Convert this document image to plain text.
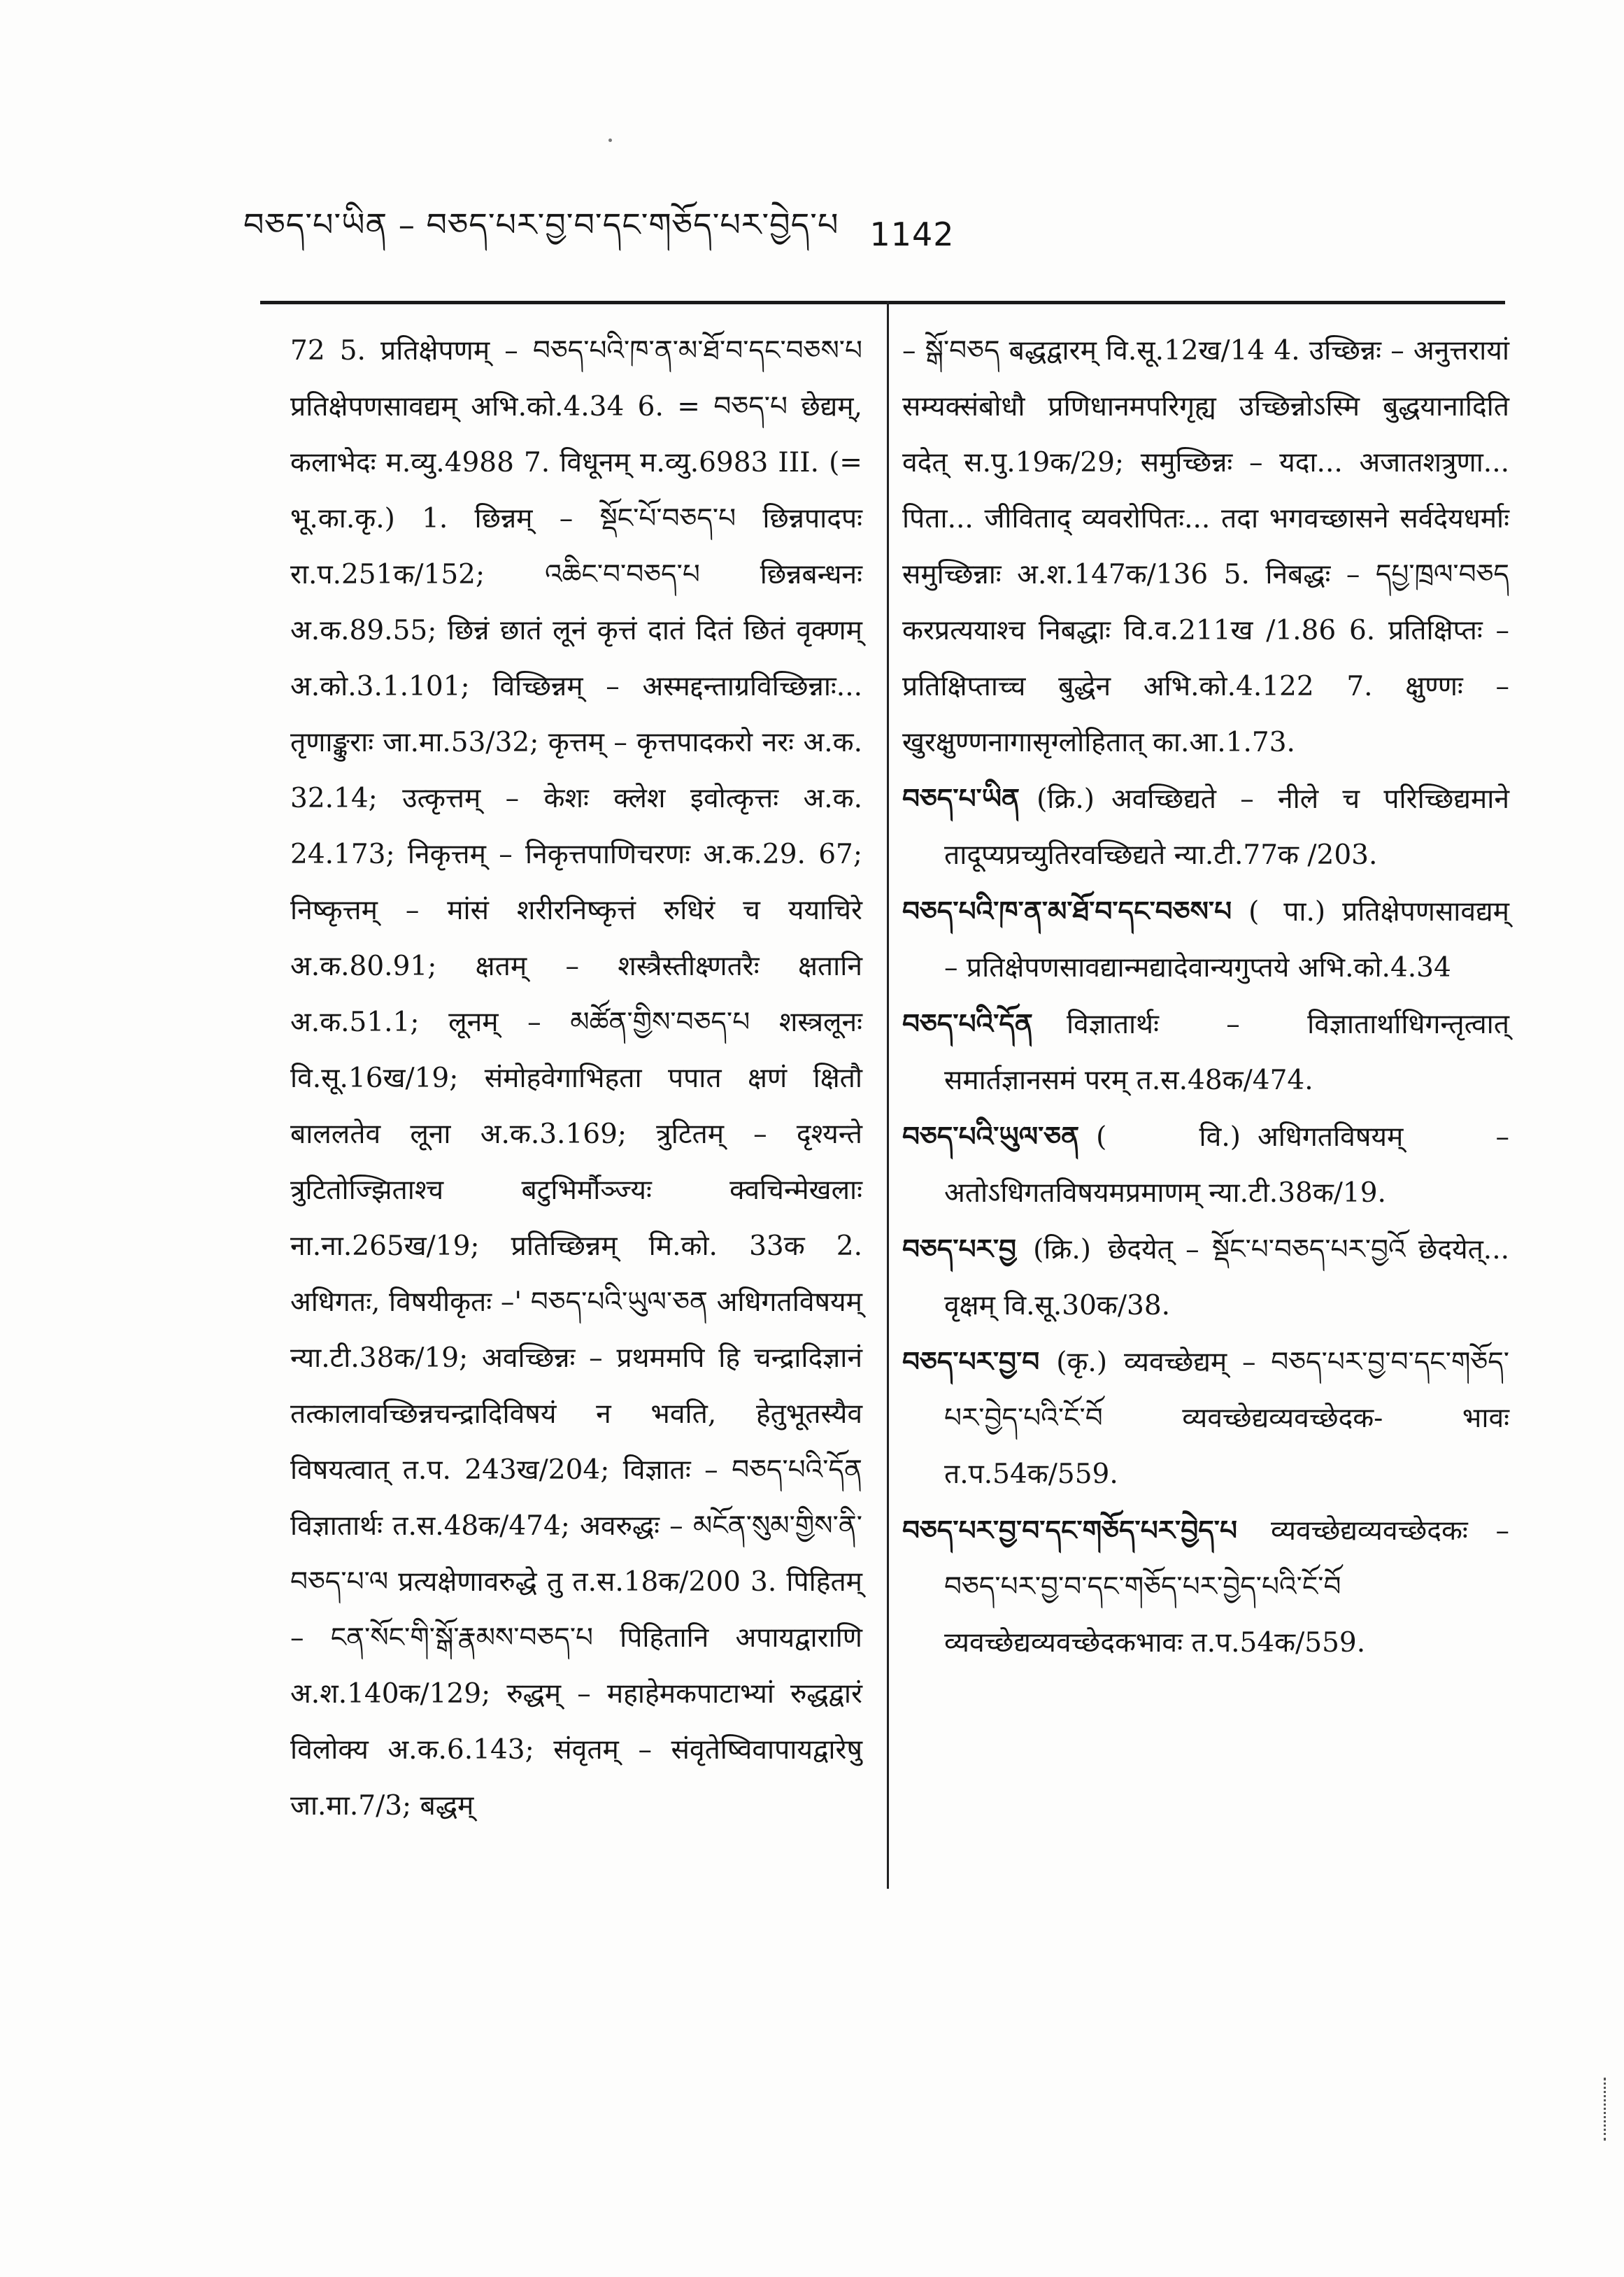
བཅད་པ་ཡིན – བཅད་པར་བྱ་བ་དང་གཅོད་པར་བྱེད་པ 1142

72 5. प्रतिक्षेपणम् – བཅད་པའི་ཁ་ན་མ་ཐོ་བ་དང་བཅས་པ प्रतिक्षेपणसावद्यम् अभि.को.4.34 6. = བཅད་པ छेद्यम्, कलाभेदः म.व्यु.4988 7. विधूनम् म.व्यु.6983 III. (= भू.का.कृ.) 1. छिन्नम् – སྡོང་པོ་བཅད་པ छिन्नपादपः रा.प.251क/152; འཆིང་བ་བཅད་པ छिन्नबन्धनः अ.क.89.55; छिन्नं छातं लूनं कृत्तं दातं दितं छितं वृक्णम् अ.को.3.1.101; विच्छिन्नम् – अस्मद्दन्ताग्रविच्छिन्नाः... तृणाङ्कुराः जा.मा.53/32; कृत्तम् – कृत्तपादकरो नरः अ.क. 32.14; उत्कृत्तम् – केशः क्लेश इवोत्कृत्तः अ.क. 24.173; निकृत्तम् – निकृत्तपाणिचरणः अ.क.29. 67; निष्कृत्तम् – मांसं शरीरनिष्कृत्तं रुधिरं च ययाचिरे अ.क.80.91; क्षतम् – शस्त्रैस्तीक्ष्णतरैः क्षतानि अ.क.51.1; लूनम् – མཚོན་གྱིས་བཅད་པ शस्त्रलूनः वि.सू.16ख/19; संमोहवेगाभिहता पपात क्षणं क्षितौ बाललतेव लूना अ.क.3.169; त्रुटितम् – दृश्यन्ते त्रुटितोज्झिताश्च बटुभिर्मौञ्ज्यः क्वचिन्मेखलाः ना.ना.265ख/19; प्रतिच्छिन्नम् मि.को. 33क 2. अधिगतः, विषयीकृतः –' བཅད་པའི་ཡུལ་ཅན अधिगतविषयम् न्या.टी.38क/19; अवच्छिन्नः – प्रथममपि हि चन्द्रादिज्ञानं तत्कालावच्छिन्नचन्द्रादिविषयं न भवति, हेतुभूतस्यैव विषयत्वात् त.प. 243ख/204; विज्ञातः – བཅད་པའི་དོན विज्ञातार्थः त.स.48क/474; अवरुद्धः – མངོན་སུམ་གྱིས་ནི་བཅད་པ་ལ प्रत्यक्षेणावरुद्धे तु त.स.18क/200 3. पिहितम् – ངན་སོང་གི་སྒོ་རྣམས་བཅད་པ पिहितानि अपायद्वाराणि अ.श.140क/129; रुद्धम् – महाहेमकपाटाभ्यां रुद्धद्वारं विलोक्य अ.क.6.143; संवृतम् – संवृतेष्विवापायद्वारेषु जा.मा.7/3; बद्धम्

– སྒོ་བཅད बद्धद्वारम् वि.सू.12ख/14 4. उच्छिन्नः – अनुत्तरायां सम्यक्संबोधौ प्रणिधानमपरिगृह्य उच्छिन्नोऽस्मि बुद्धयानादिति वदेत् स.पु.19क/29; समुच्छिन्नः – यदा... अजातशत्रुणा... पिता... जीविताद् व्यवरोपितः... तदा भगवच्छासने सर्वदेयधर्माः समुच्छिन्नाः अ.श.147क/136 5. निबद्धः – དཔྱ་ཁྲལ་བཅད करप्रत्ययाश्च निबद्धाः वि.व.211ख /1.86 6. प्रतिक्षिप्तः – प्रतिक्षिप्ताच्च बुद्धेन अभि.को.4.122 7. क्षुण्णः – खुरक्षुण्णनागासृग्लोहितात् का.आ.1.73.

བཅད་པ་ཡིན (क्रि.) अवच्छिद्यते – नीले च परिच्छिद्यमाने तादूप्यप्रच्युतिरवच्छिद्यते न्या.टी.77क /203.

བཅད་པའི་ཁ་ན་མ་ཐོ་བ་དང་བཅས་པ ( पा.) प्रतिक्षेपणसावद्यम् – प्रतिक्षेपणसावद्यान्मद्यादेवान्यगुप्तये अभि.को.4.34

བཅད་པའི་དོན विज्ञातार्थः – विज्ञातार्थाधिगन्तृत्वात् समार्तज्ञानसमं परम् त.स.48क/474.

བཅད་པའི་ཡུལ་ཅན ( वि.) अधिगतविषयम् – अतोऽधिगतविषयमप्रमाणम् न्या.टी.38क/19.

བཅད་པར་བྱ (क्रि.) छेदयेत् – སྡོང་པ་བཅད་པར་བྱའོ छेदयेत्... वृक्षम् वि.सू.30क/38.

བཅད་པར་བྱ་བ (कृ.) व्यवच्छेद्यम् – བཅད་པར་བྱ་བ་དང་གཅོད་པར་བྱེད་པའི་ངོ་བོ व्यवच्छेद्यव्यवच्छेदक- भावः त.प.54क/559.

བཅད་པར་བྱ་བ་དང་གཅོད་པར་བྱེད་པ व्यवच्छेद्यव्यवच्छेदकः – བཅད་པར་བྱ་བ་དང་གཅོད་པར་བྱེད་པའི་ངོ་བོ व्यवच्छेद्यव्यवच्छेदकभावः त.प.54क/559.
